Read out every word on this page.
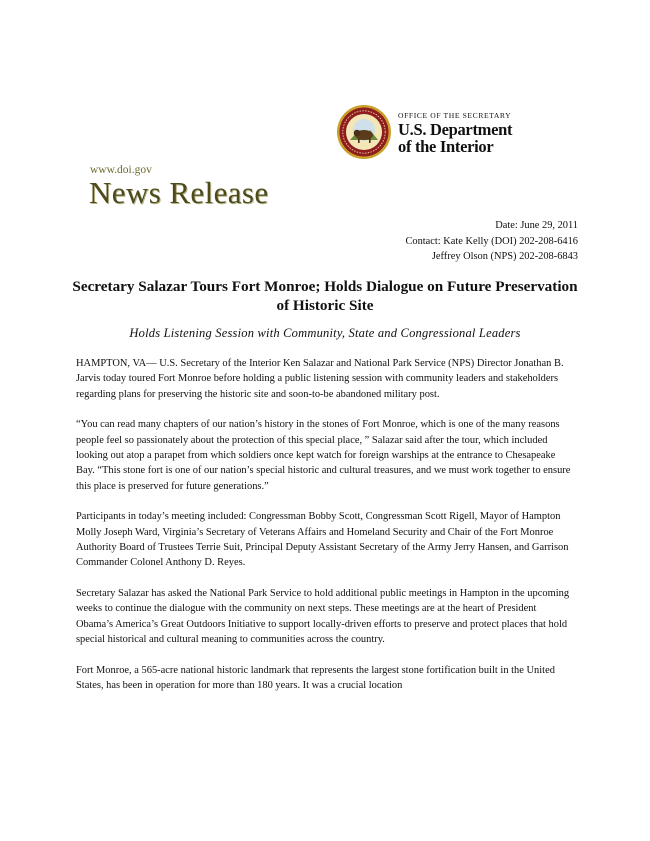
OFFICE OF THE SECRETARY
U.S. Department
of the Interior
www.doi.gov
News Release
Date: June 29, 2011
Contact: Kate Kelly (DOI) 202-208-6416
Jeffrey Olson (NPS) 202-208-6843
Secretary Salazar Tours Fort Monroe; Holds Dialogue on Future Preservation of Historic Site
Holds Listening Session with Community, State and Congressional Leaders

HAMPTON, VA— U.S. Secretary of the Interior Ken Salazar and National Park Service (NPS) Director Jonathan B. Jarvis today toured Fort Monroe before holding a public listening session with community leaders and stakeholders regarding plans for preserving the historic site and soon-to-be abandoned military post.

“You can read many chapters of our nation’s history in the stones of Fort Monroe, which is one of the many reasons people feel so passionately about the protection of this special place, ” Salazar said after the tour, which included looking out atop a parapet from which soldiers once kept watch for foreign warships at the entrance to Chesapeake Bay. “This stone fort is one of our nation’s special historic and cultural treasures, and we must work together to ensure this place is preserved for future generations.”

Participants in today’s meeting included: Congressman Bobby Scott, Congressman Scott Rigell, Mayor of Hampton Molly Joseph Ward, Virginia’s Secretary of Veterans Affairs and Homeland Security and Chair of the Fort Monroe Authority Board of Trustees Terrie Suit, Principal Deputy Assistant Secretary of the Army Jerry Hansen, and Garrison Commander Colonel Anthony D. Reyes.

Secretary Salazar has asked the National Park Service to hold additional public meetings in Hampton in the upcoming weeks to continue the dialogue with the community on next steps. These meetings are at the heart of President Obama’s America’s Great Outdoors Initiative to support locally-driven efforts to preserve and protect places that hold special historical and cultural meaning to communities across the country.

Fort Monroe, a 565-acre national historic landmark that represents the largest stone fortification built in the United States, has been in operation for more than 180 years. It was a crucial location
